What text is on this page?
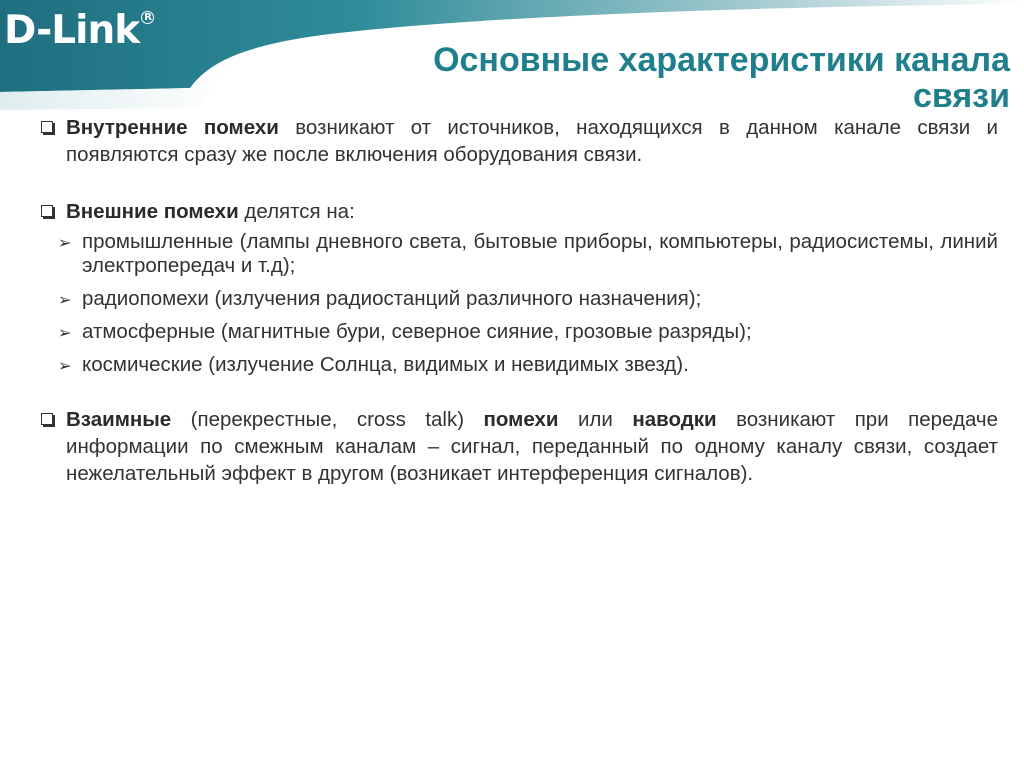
D-Link $^R$
Основные характеристики канала
связи
Внутренние помехи возникают от источников, находящихся в данном канале связи и появляются сразу же после включения оборудования связи.
Внешние помехи делятся на:
➢ промышленные (лампы дневного света, бытовые приборы, компьютеры, радиосистемы, линий электропередач и т.д);
➢ радиопомехи (излучения радиостанций различного назначения);
➢ атмосферные (магнитные бури, северное сияние, грозовые разряды);
➢ космические (излучение Солнца, видимых и невидимых звезд).
Взаимные (перекрестные, cross talk) помехи или наводки возникают при передаче информации по смежным каналам – сигнал, переданный по одному каналу связи, создает нежелательный эффект в другом (возникает интерференция сигналов).
